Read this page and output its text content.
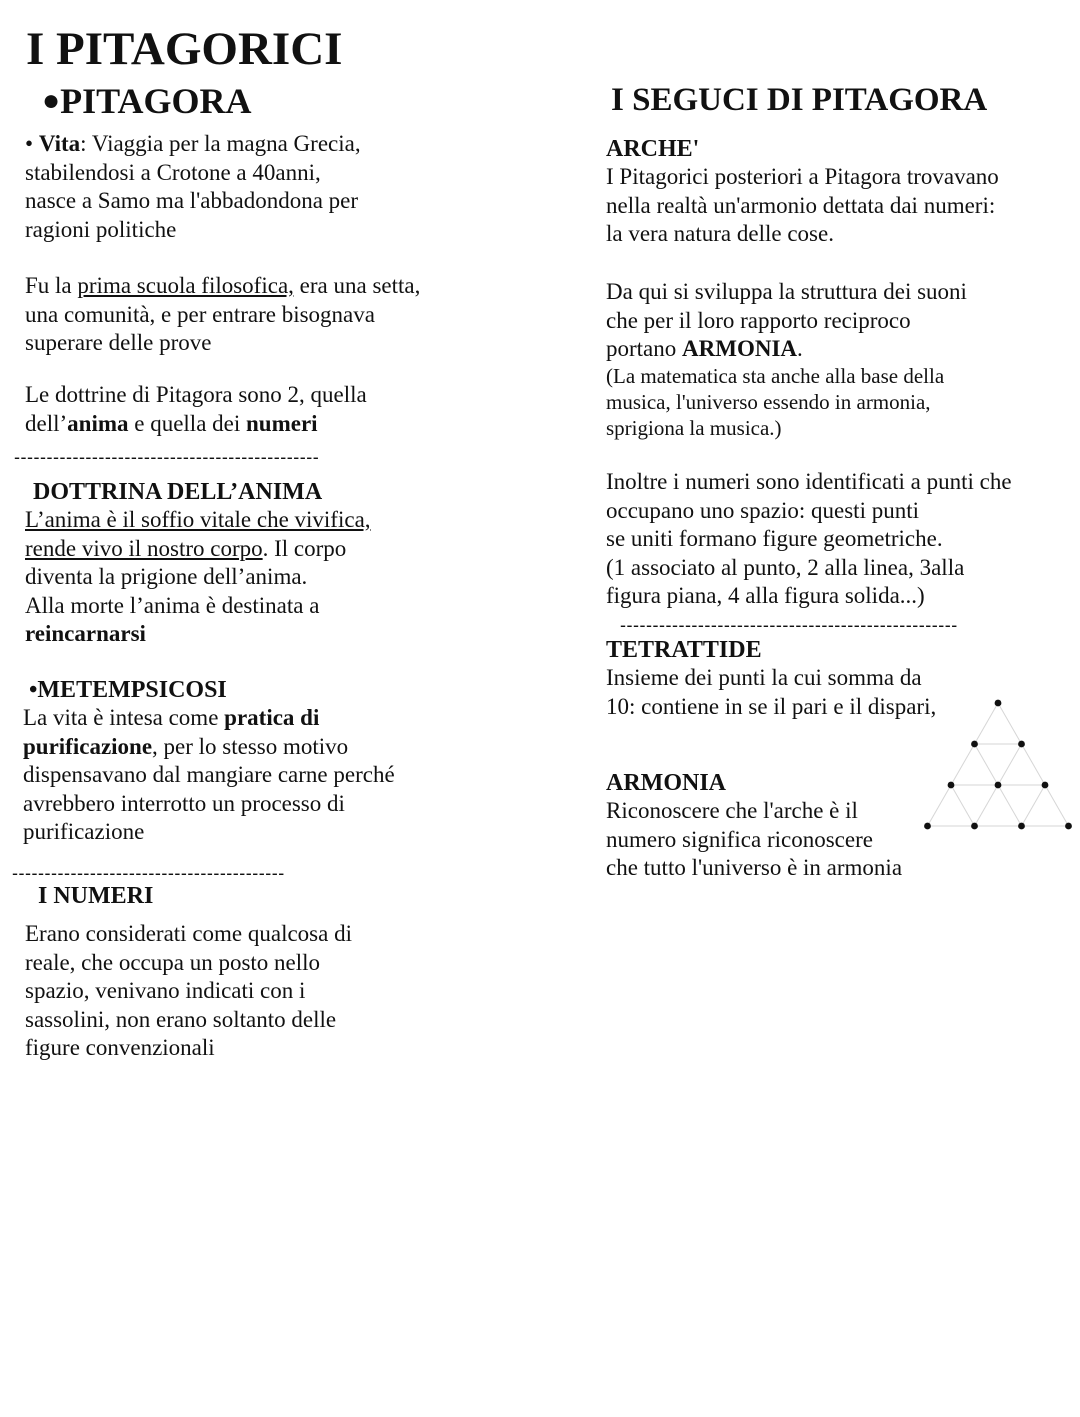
I PITAGORICI
●PITAGORA

• Vita: Viaggia per la magna Grecia,

stabilendosi a Crotone a 40anni,

nasce a Samo ma l'abbadondona per

ragioni politiche

Fu la prima scuola filosofica, era una setta,

una comunità, e per entrare bisognava

superare delle prove

Le dottrine di Pitagora sono 2, quella

dell’anima e quella dei numeri

-----------------------------------------------
DOTTRINA DELL’ANIMA

L’anima è il soffio vitale che vivifica,

rende vivo il nostro corpo. Il corpo

diventa la prigione dell’anima.

Alla morte l’anima è destinata a

reincarnarsi

•METEMPSICOSI

La vita è intesa come pratica di

purificazione, per lo stesso motivo

dispensavano dal mangiare carne perché

avrebbero interrotto un processo di

purificazione

------------------------------------------
I NUMERI

Erano considerati come qualcosa di

reale, che occupa un posto nello

spazio, venivano indicati con i

sassolini, non erano soltanto delle

figure convenzionali

I SEGUCI DI PITAGORA
ARCHE'

I Pitagorici posteriori a Pitagora trovavano

nella realtà un'armonio dettata dai numeri:

la vera natura delle cose.

Da qui si sviluppa la struttura dei suoni

che per il loro rapporto reciproco

portano ARMONIA.

(La matematica sta anche alla base della
musica, l'universo essendo in armonia,
sprigiona la musica.)

Inoltre i numeri sono identificati a punti che

occupano uno spazio: questi punti

se uniti formano figure geometriche.

(1 associato al punto, 2 alla linea, 3alla

figura piana, 4 alla figura solida...)

----------------------------------------------------
TETRATTIDE

Insieme dei punti la cui somma da

10: contiene in se il pari e il dispari,

ARMONIA

Riconoscere che l'arche è il

numero significa riconoscere

che tutto l'universo è in armonia
